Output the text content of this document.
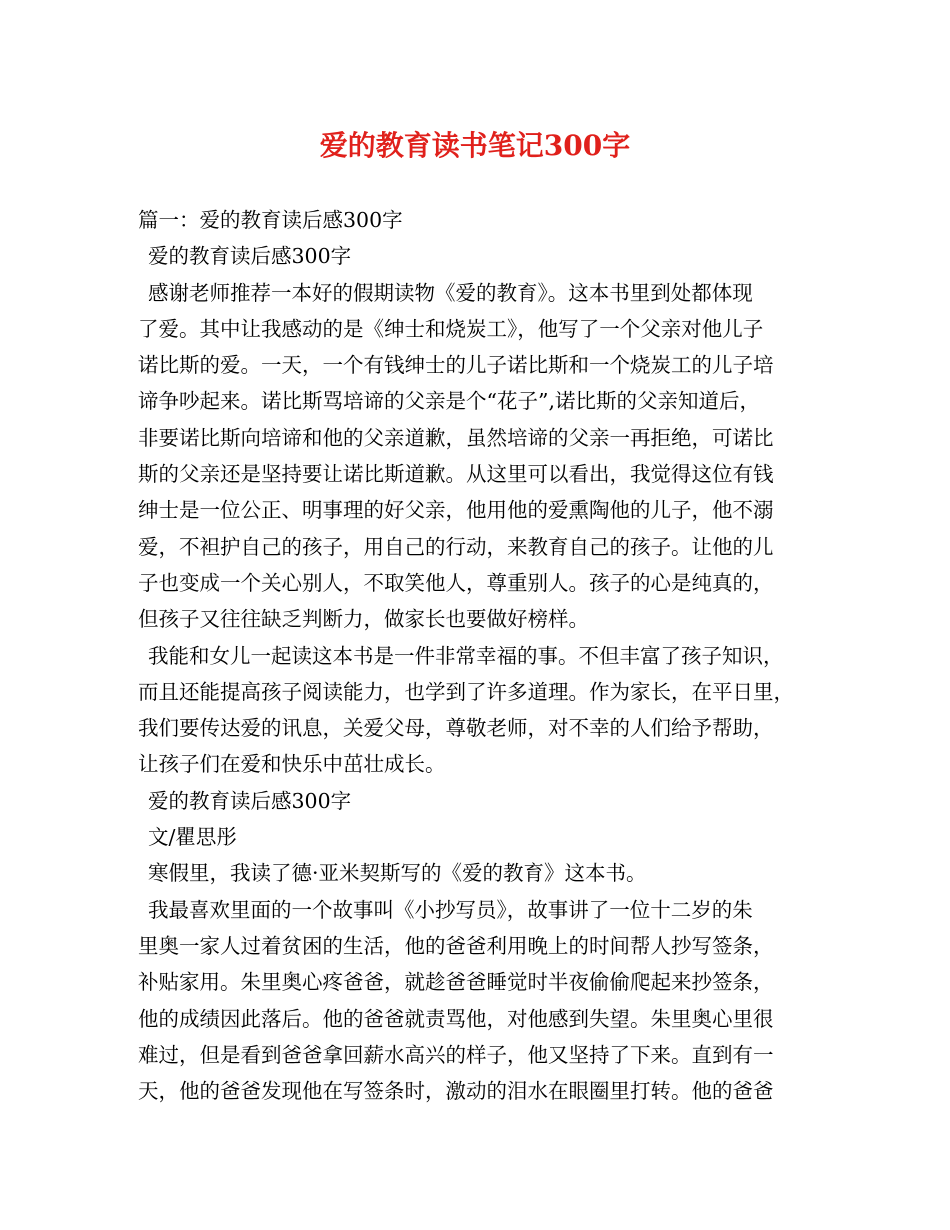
爱的教育读书笔记300字
篇一：爱的教育读后感300字
爱的教育读后感300字
感谢老师推荐一本好的假期读物《爱的教育》。这本书里到处都体现
了爱。其中让我感动的是《绅士和烧炭工》，他写了一个父亲对他儿子
诺比斯的爱。一天，一个有钱绅士的儿子诺比斯和一个烧炭工的儿子培
谛争吵起来。诺比斯骂培谛的父亲是个“花子”,诺比斯的父亲知道后，
非要诺比斯向培谛和他的父亲道歉，虽然培谛的父亲一再拒绝，可诺比
斯的父亲还是坚持要让诺比斯道歉。从这里可以看出，我觉得这位有钱
绅士是一位公正、明事理的好父亲，他用他的爱熏陶他的儿子，他不溺
爱，不袒护自己的孩子，用自己的行动，来教育自己的孩子。让他的儿
子也变成一个关心别人，不取笑他人，尊重别人。孩子的心是纯真的，
但孩子又往往缺乏判断力，做家长也要做好榜样。
我能和女儿一起读这本书是一件非常幸福的事。不但丰富了孩子知识，
而且还能提高孩子阅读能力，也学到了许多道理。作为家长，在平日里，
我们要传达爱的讯息，关爱父母，尊敬老师，对不幸的人们给予帮助，
让孩子们在爱和快乐中茁壮成长。
爱的教育读后感300字
文/瞿思彤
寒假里，我读了德·亚米契斯写的《爱的教育》这本书。
我最喜欢里面的一个故事叫《小抄写员》，故事讲了一位十二岁的朱
里奥一家人过着贫困的生活，他的爸爸利用晚上的时间帮人抄写签条，
补贴家用。朱里奥心疼爸爸，就趁爸爸睡觉时半夜偷偷爬起来抄签条，
他的成绩因此落后。他的爸爸就责骂他，对他感到失望。朱里奥心里很
难过，但是看到爸爸拿回薪水高兴的样子，他又坚持了下来。直到有一
天，他的爸爸发现他在写签条时，激动的泪水在眼圈里打转。他的爸爸
